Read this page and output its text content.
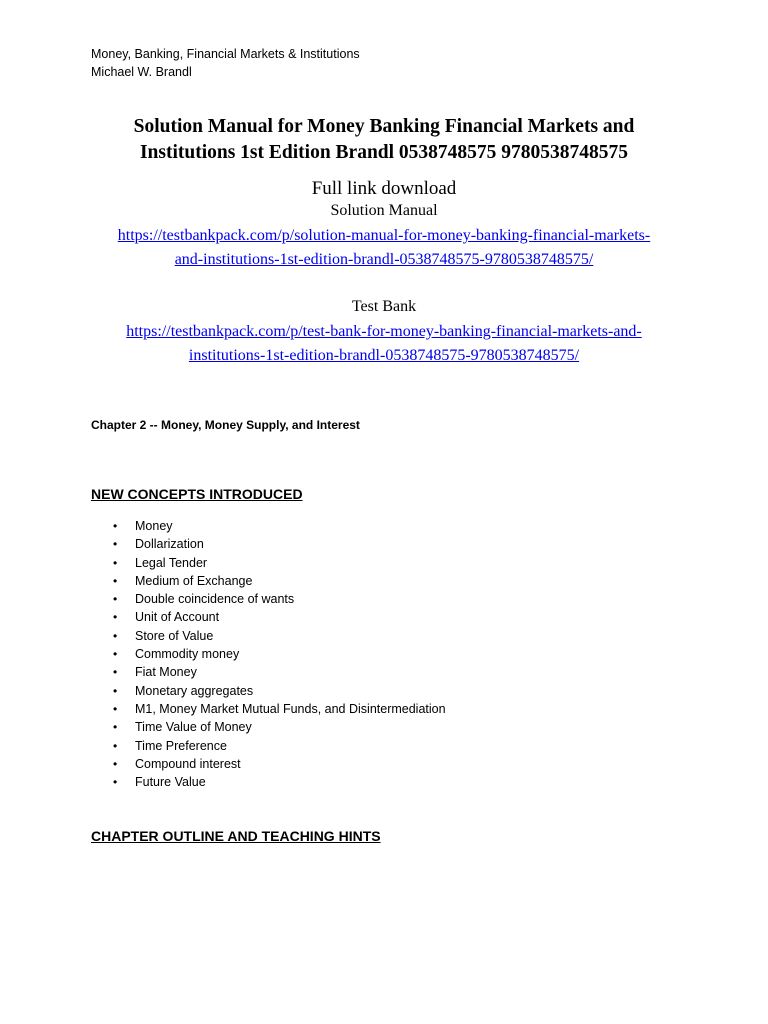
Money, Banking, Financial Markets & Institutions
Michael W. Brandl
Solution Manual for Money Banking Financial Markets and
Institutions 1st Edition Brandl 0538748575 9780538748575
Full link download
Solution Manual
https://testbankpack.com/p/solution-manual-for-money-banking-financial-markets-
and-institutions-1st-edition-brandl-0538748575-9780538748575/
Test Bank
https://testbankpack.com/p/test-bank-for-money-banking-financial-markets-and-
institutions-1st-edition-brandl-0538748575-9780538748575/
Chapter 2 -- Money, Money Supply, and Interest
NEW CONCEPTS INTRODUCED
• Money
• Dollarization
• Legal Tender
• Medium of Exchange
• Double coincidence of wants
• Unit of Account
• Store of Value
• Commodity money
• Fiat Money
• Monetary aggregates
• M1, Money Market Mutual Funds, and Disintermediation
• Time Value of Money
• Time Preference
• Compound interest
• Future Value
CHAPTER OUTLINE AND TEACHING HINTS
